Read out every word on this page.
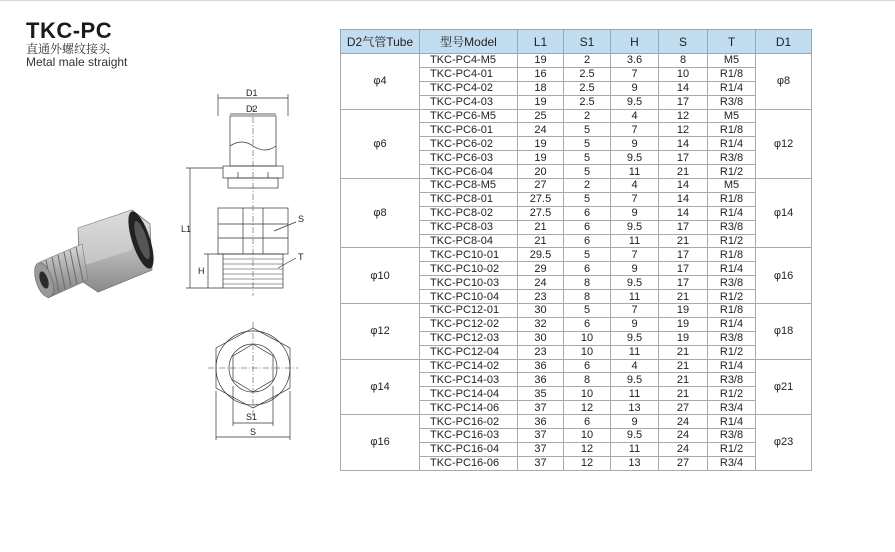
TKC-PC
直通外螺纹接头
Metal male straight
D1
D2
L1
H
S
T
S1
S
D2气管Tube	型号Model	L1	S1	H	S	T	D1
φ4	TKC-PC4-M5	19	2	3.6	8	M5	φ8
	TKC-PC4-01	16	2.5	7	10	R1/8	
	TKC-PC4-02	18	2.5	9	14	R1/4	
	TKC-PC4-03	19	2.5	9.5	17	R3/8	
φ6	TKC-PC6-M5	25	2	4	12	M5	φ12
	TKC-PC6-01	24	5	7	12	R1/8	
	TKC-PC6-02	19	5	9	14	R1/4	
	TKC-PC6-03	19	5	9.5	17	R3/8	
	TKC-PC6-04	20	5	11	21	R1/2	
φ8	TKC-PC8-M5	27	2	4	14	M5	φ14
	TKC-PC8-01	27.5	5	7	14	R1/8	
	TKC-PC8-02	27.5	6	9	14	R1/4	
	TKC-PC8-03	21	6	9.5	17	R3/8	
	TKC-PC8-04	21	6	11	21	R1/2	
φ10	TKC-PC10-01	29.5	5	7	17	R1/8	φ16
	TKC-PC10-02	29	6	9	17	R1/4	
	TKC-PC10-03	24	8	9.5	17	R3/8	
	TKC-PC10-04	23	8	11	21	R1/2	
φ12	TKC-PC12-01	30	5	7	19	R1/8	φ18
	TKC-PC12-02	32	6	9	19	R1/4	
	TKC-PC12-03	30	10	9.5	19	R3/8	
	TKC-PC12-04	23	10	11	21	R1/2	
φ14	TKC-PC14-02	36	6	4	21	R1/4	φ21
	TKC-PC14-03	36	8	9.5	21	R3/8	
	TKC-PC14-04	35	10	11	21	R1/2	
	TKC-PC14-06	37	12	13	27	R3/4	
φ16	TKC-PC16-02	36	6	9	24	R1/4	φ23
	TKC-PC16-03	37	10	9.5	24	R3/8	
	TKC-PC16-04	37	12	11	24	R1/2	
	TKC-PC16-06	37	12	13	27	R3/4	
